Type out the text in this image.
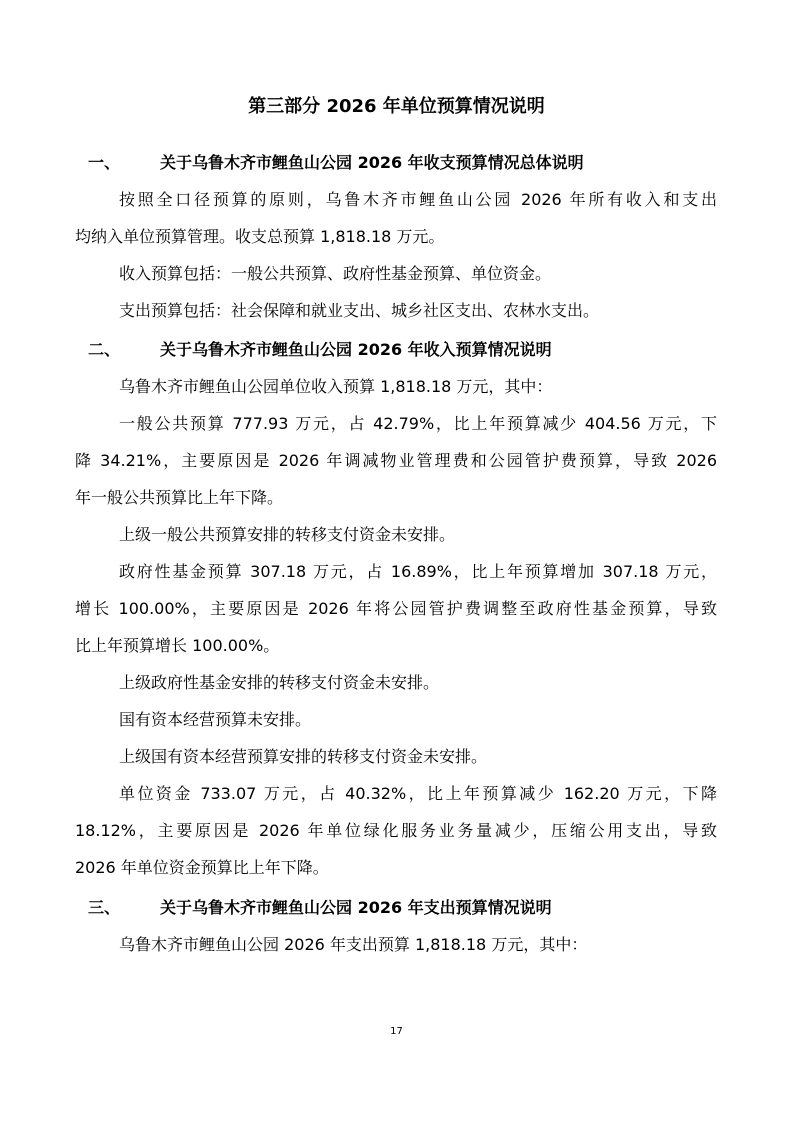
第三部分 2026 年单位预算情况说明
一、 关于乌鲁木齐市鲤鱼山公园 2026 年收支预算情况总体说明
按照全口径预算的原则，乌鲁木齐市鲤鱼山公园 2026 年所有收入和支出
均纳入单位预算管理。收支总预算 1,818.18 万元。
收入预算包括：一般公共预算、政府性基金预算、单位资金。
支出预算包括：社会保障和就业支出、城乡社区支出、农林水支出。
二、 关于乌鲁木齐市鲤鱼山公园 2026 年收入预算情况说明
乌鲁木齐市鲤鱼山公园单位收入预算 1,818.18 万元，其中：
一般公共预算 777.93 万元，占 42.79%，比上年预算减少 404.56 万元，下
降 34.21%，主要原因是 2026 年调减物业管理费和公园管护费预算，导致 2026
年一般公共预算比上年下降。
上级一般公共预算安排的转移支付资金未安排。
政府性基金预算 307.18 万元，占 16.89%，比上年预算增加 307.18 万元，
增长 100.00%，主要原因是 2026 年将公园管护费调整至政府性基金预算，导致
比上年预算增长 100.00%。
上级政府性基金安排的转移支付资金未安排。
国有资本经营预算未安排。
上级国有资本经营预算安排的转移支付资金未安排。
单位资金 733.07 万元，占 40.32%，比上年预算减少 162.20 万元，下降
18.12%，主要原因是 2026 年单位绿化服务业务量减少，压缩公用支出，导致
2026 年单位资金预算比上年下降。
三、 关于乌鲁木齐市鲤鱼山公园 2026 年支出预算情况说明
乌鲁木齐市鲤鱼山公园 2026 年支出预算 1,818.18 万元，其中：
17
